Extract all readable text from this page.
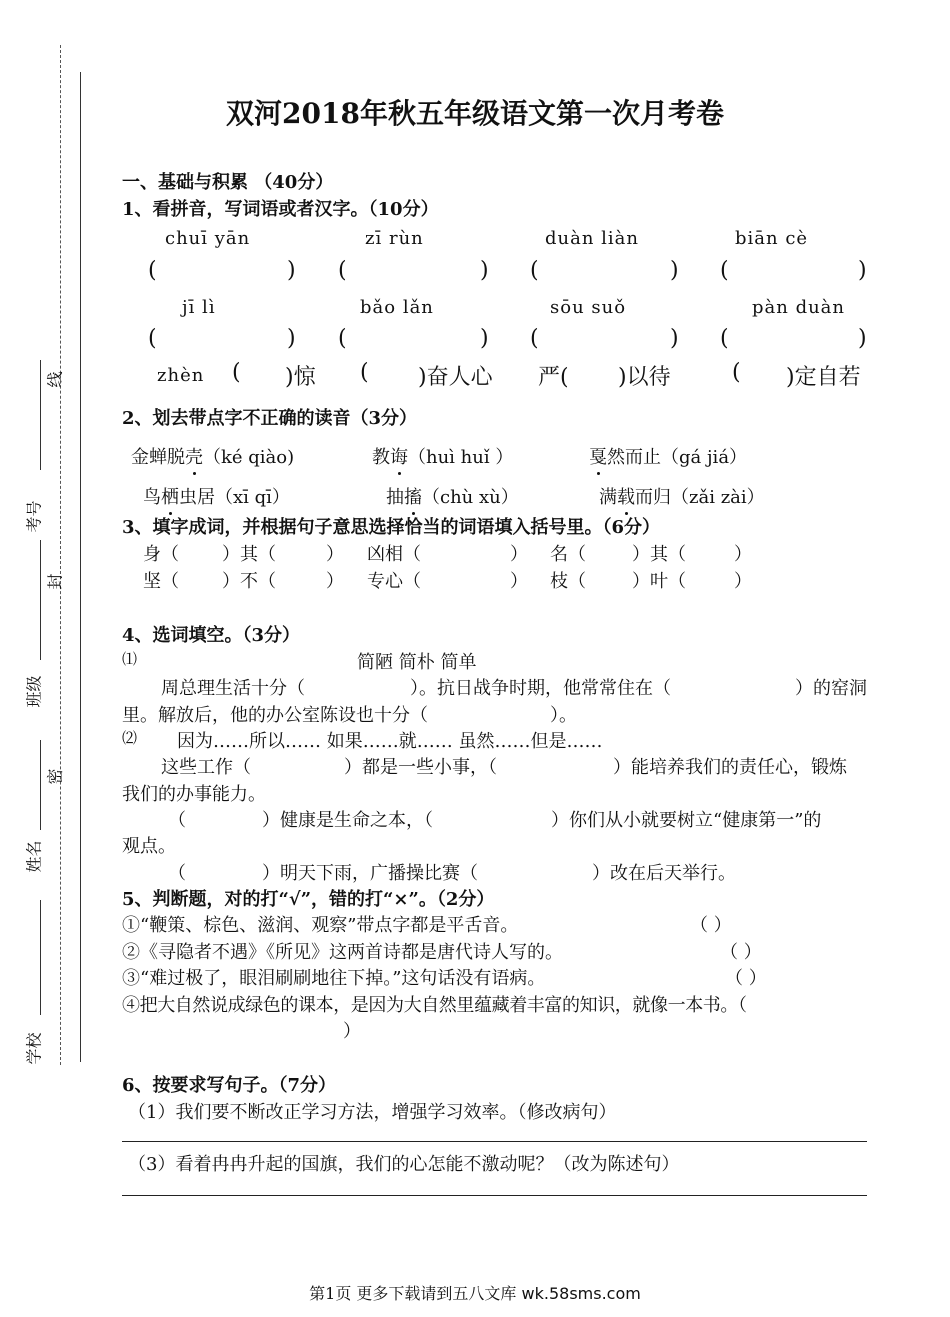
线
考号
封
班级
密
姓名
学校
双河2018年秋五年级语文第一次月考卷
一、基础与积累 （40分）
1、看拼音，写词语或者汉字。（10分）
chuī yān	zī rùn	duàn liàn	biān cè
(	) (	) (	) (	)
jī lì	bǎo lǎn	sōu suǒ	pàn duàn
(	) (	) (	) (	)
zhèn ( )惊 ( )奋人心 严( )以待	( )定自若
2、划去带点字不正确的读音（3分）
金蝉脱壳（ké qiào)	教诲（huì huǐ ）	戛然而止（gá jiá）
鸟栖虫居（xī qī）	抽搐（chù xù）	满载而归（zǎi zài）
3、填字成词，并根据句子意思选择恰当的词语填入括号里。（6分）
身（ ）其（	） 凶相（	） 名（	）其（	）
坚（ ）不（	） 专心（	） 枝（	）叶（	）
4、选词填空。（3分）
⑴	简陋 简朴 简单
周总理生活十分（	）。抗日战争时期，他常常住在（	）的窑洞
里。解放后，他的办公室陈设也十分（	）。
⑵ 因为……所以…… 如果……就…… 虽然……但是……
这些工作（	）都是一些小事，（	）能培养我们的责任心，锻炼
我们的办事能力。
（	）健康是生命之本，（	）你们从小就要树立“健康第一”的
观点。
（	）明天下雨，广播操比赛（	）改在后天举行。
5、判断题，对的打“√”，错的打“×”。（2分）
①“鞭策、棕色、滋润、观察”带点字都是平舌音。	（ ）
②《寻隐者不遇》《所见》这两首诗都是唐代诗人写的。	（ ）
③“难过极了，眼泪刷刷地往下掉。”这句话没有语病。	（ ）
④把大自然说成绿色的课本，是因为大自然里蕴藏着丰富的知识，就像一本书。（
）
6、按要求写句子。（7分）
（1）我们要不断改正学习方法，增强学习效率。（修改病句）
（3）看着冉冉升起的国旗，我们的心怎能不激动呢？（改为陈述句）
第1页 更多下载请到五八文库 wk.58sms.com
